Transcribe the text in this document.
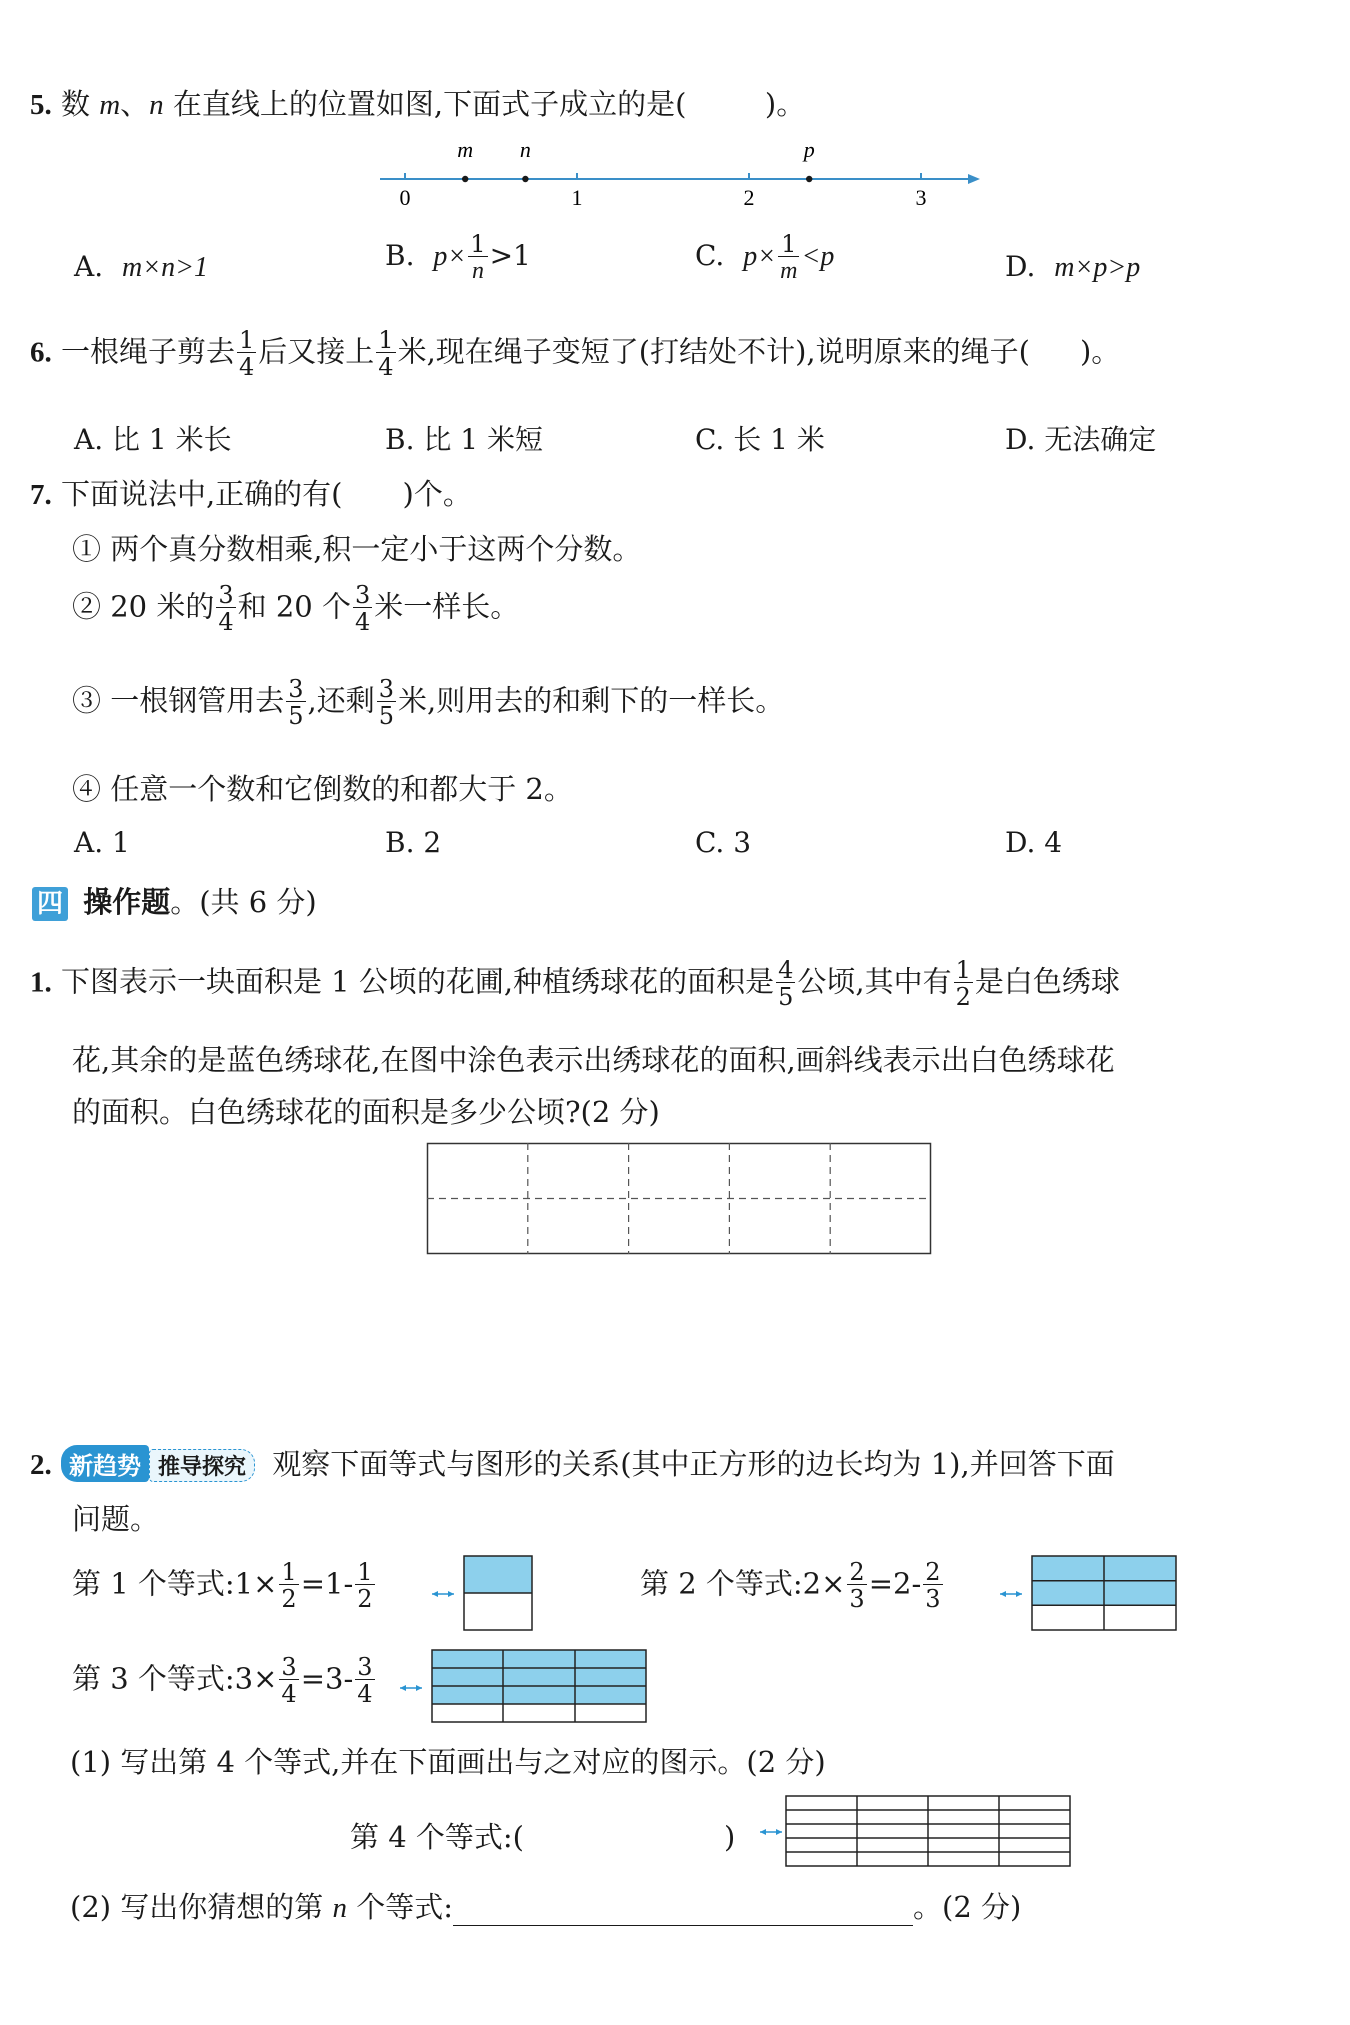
5. 数 m、n 在直线上的位置如图,下面式子成立的是(	)。
0	1	2	3
m n	p
A. m×n>1	B. $p\times \frac{1}{n} >1$	C. $p\times \frac{1}{m} <p$	D. m×p>p
6. 一根绳子剪去 $\frac{1}{4}$ 后又接上 $\frac{1}{4}$ 米,现在绳子变短了(打结处不计),说明原来的绳子( )。
A. 比 1 米长	B. 比 1 米短	C. 长 1 米	D. 无法确定
7. 下面说法中,正确的有( )个。
① 两个真分数相乘,积一定小于这两个分数。
② 20 米的 $\frac{3}{4}$ 和 20 个 $\frac{3}{4}$ 米一样长。
③ 一根钢管用去 $\frac{3}{5}$ ,还剩 $\frac{3}{5}$ 米,则用去的和剩下的一样长。
④ 任意一个数和它倒数的和都大于 2。
A. 1	B. 2	C. 3	D. 4
四 操作题。(共 6 分)
1. 下图表示一块面积是 1 公顷的花圃,种植绣球花的面积是 $\frac{4}{5}$ 公顷,其中有 $\frac{1}{2}$ 是白色绣球
花,其余的是蓝色绣球花,在图中涂色表示出绣球花的面积,画斜线表示出白色绣球花
的面积。白色绣球花的面积是多少公顷?(2 分)
2. 新趋势 推导探究 观察下面等式与图形的关系(其中正方形的边长均为 1),并回答下面
问题。
第 1 个等式:1× $\frac{1}{2} =1- \frac{1}{2}$	第 2 个等式:2× $\frac{2}{3} =2- \frac{2}{3}$
第 3 个等式:3× $\frac{3}{4} =3- \frac{3}{4}$
(1) 写出第 4 个等式,并在下面画出与之对应的图示。(2 分)
第 4 个等式:(	)
(2) 写出你猜想的第 n 个等式:	。(2 分)
